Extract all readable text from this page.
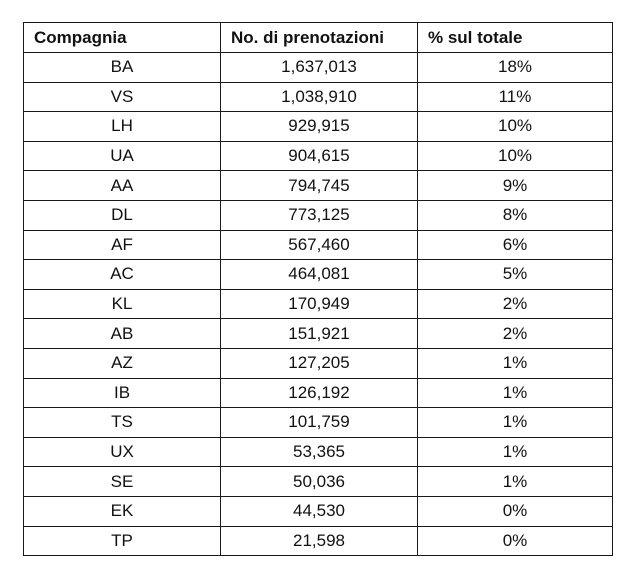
Compagnia	No. di prenotazioni	% sul totale
BA	1,637,013	18%
VS	1,038,910	11%
LH	929,915	10%
UA	904,615	10%
AA	794,745	9%
DL	773,125	8%
AF	567,460	6%
AC	464,081	5%
KL	170,949	2%
AB	151,921	2%
AZ	127,205	1%
IB	126,192	1%
TS	101,759	1%
UX	53,365	1%
SE	50,036	1%
EK	44,530	0%
TP	21,598	0%
